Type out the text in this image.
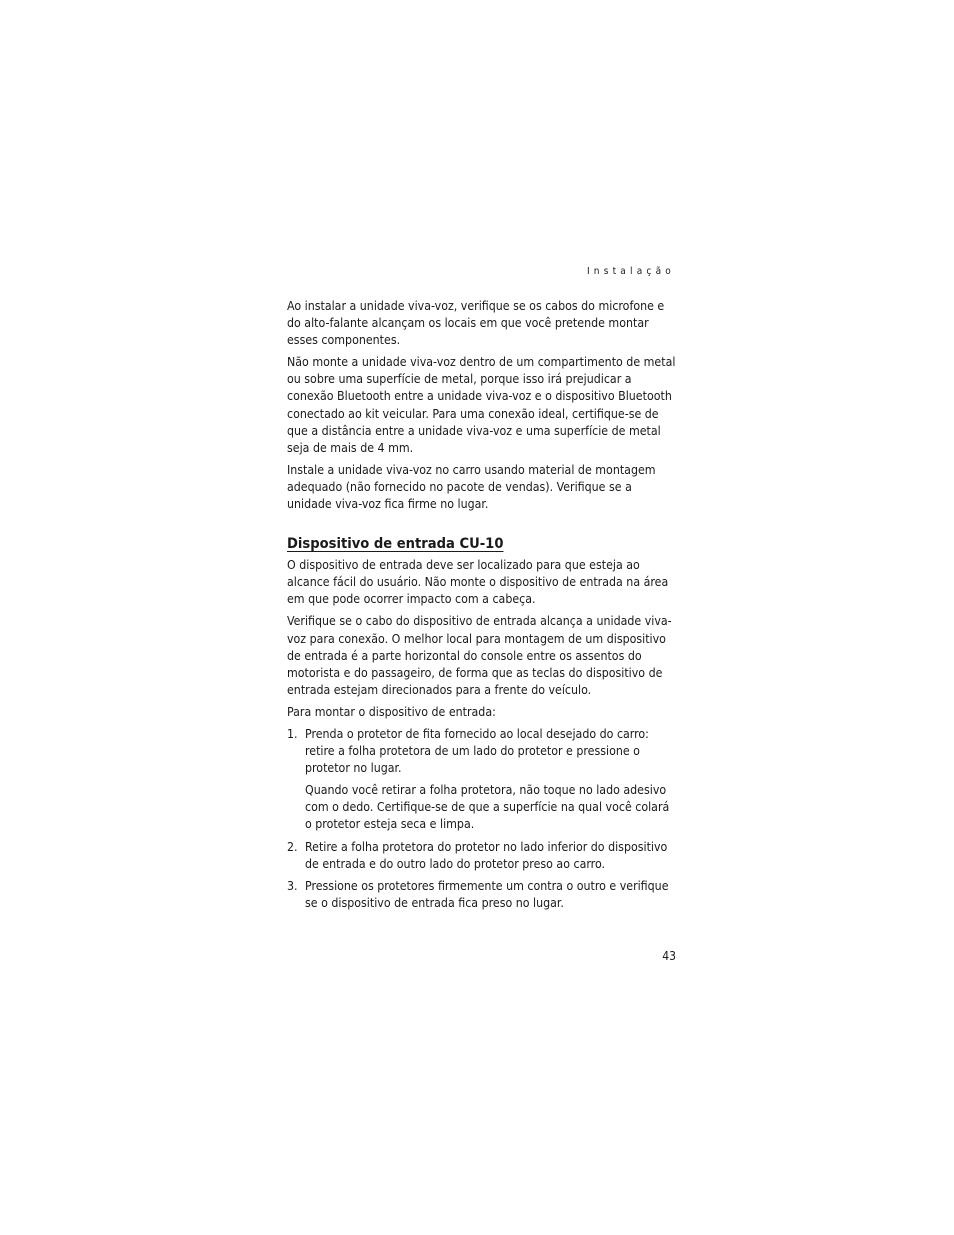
Instalação

Ao instalar a unidade viva-voz, verifique se os cabos do microfone e do alto-falante alcançam os locais em que você pretende montar esses componentes.

Não monte a unidade viva-voz dentro de um compartimento de metal ou sobre uma superfície de metal, porque isso irá prejudicar a conexão Bluetooth entre a unidade viva-voz e o dispositivo Bluetooth conectado ao kit veicular. Para uma conexão ideal, certifique-se de que a distância entre a unidade viva-voz e uma superfície de metal seja de mais de 4 mm.

Instale a unidade viva-voz no carro usando material de montagem adequado (não fornecido no pacote de vendas). Verifique se a unidade viva-voz fica firme no lugar.

Dispositivo de entrada CU-10

O dispositivo de entrada deve ser localizado para que esteja ao alcance fácil do usuário. Não monte o dispositivo de entrada na área em que pode ocorrer impacto com a cabeça.

Verifique se o cabo do dispositivo de entrada alcança a unidade viva-voz para conexão. O melhor local para montagem de um dispositivo de entrada é a parte horizontal do console entre os assentos do motorista e do passageiro, de forma que as teclas do dispositivo de entrada estejam direcionados para a frente do veículo.

Para montar o dispositivo de entrada:

1. Prenda o protetor de fita fornecido ao local desejado do carro: retire a folha protetora de um lado do protetor e pressione o protetor no lugar.

Quando você retirar a folha protetora, não toque no lado adesivo com o dedo. Certifique-se de que a superfície na qual você colará o protetor esteja seca e limpa.

2. Retire a folha protetora do protetor no lado inferior do dispositivo de entrada e do outro lado do protetor preso ao carro.

3. Pressione os protetores firmemente um contra o outro e verifique se o dispositivo de entrada fica preso no lugar.

43
